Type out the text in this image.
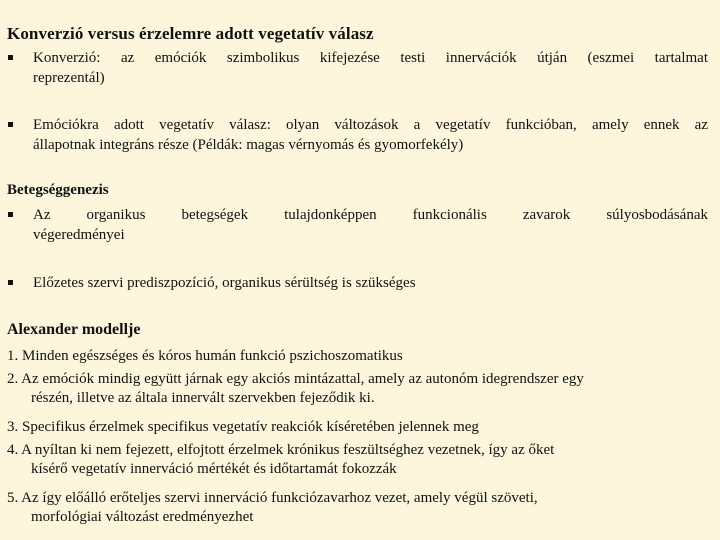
Konverzió versus érzelemre adott vegetatív válasz
Konverzió: az emóciók szimbolikus kifejezése testi innervációk útján (eszmei tartalmat
reprezentál)
Emóciókra adott vegetatív válasz: olyan változások a vegetatív funkcióban, amely ennek az
állapotnak integráns része (Példák: magas vérnyomás és gyomorfekély)
Betegséggenezis
Az organikus betegségek tulajdonképpen funkcionális zavarok súlyosbodásának
végeredményei
Előzetes szervi prediszpozíció, organikus sérültség is szükséges
Alexander modellje
1. Minden egészséges és kóros humán funkció pszichoszomatikus
2. Az emóciók mindig együtt járnak egy akciós mintázattal, amely az autonóm idegrendszer egy
részén, illetve az általa innervált szervekben fejeződik ki.
3. Specifikus érzelmek specifikus vegetatív reakciók kíséretében jelennek meg
4. A nyíltan ki nem fejezett, elfojtott érzelmek krónikus feszültséghez vezetnek, így az őket
kísérő vegetatív innerváció mértékét és időtartamát fokozzák
5. Az így előálló erőteljes szervi innerváció funkciózavarhoz vezet, amely végül szöveti,
morfológiai változást eredményezhet
